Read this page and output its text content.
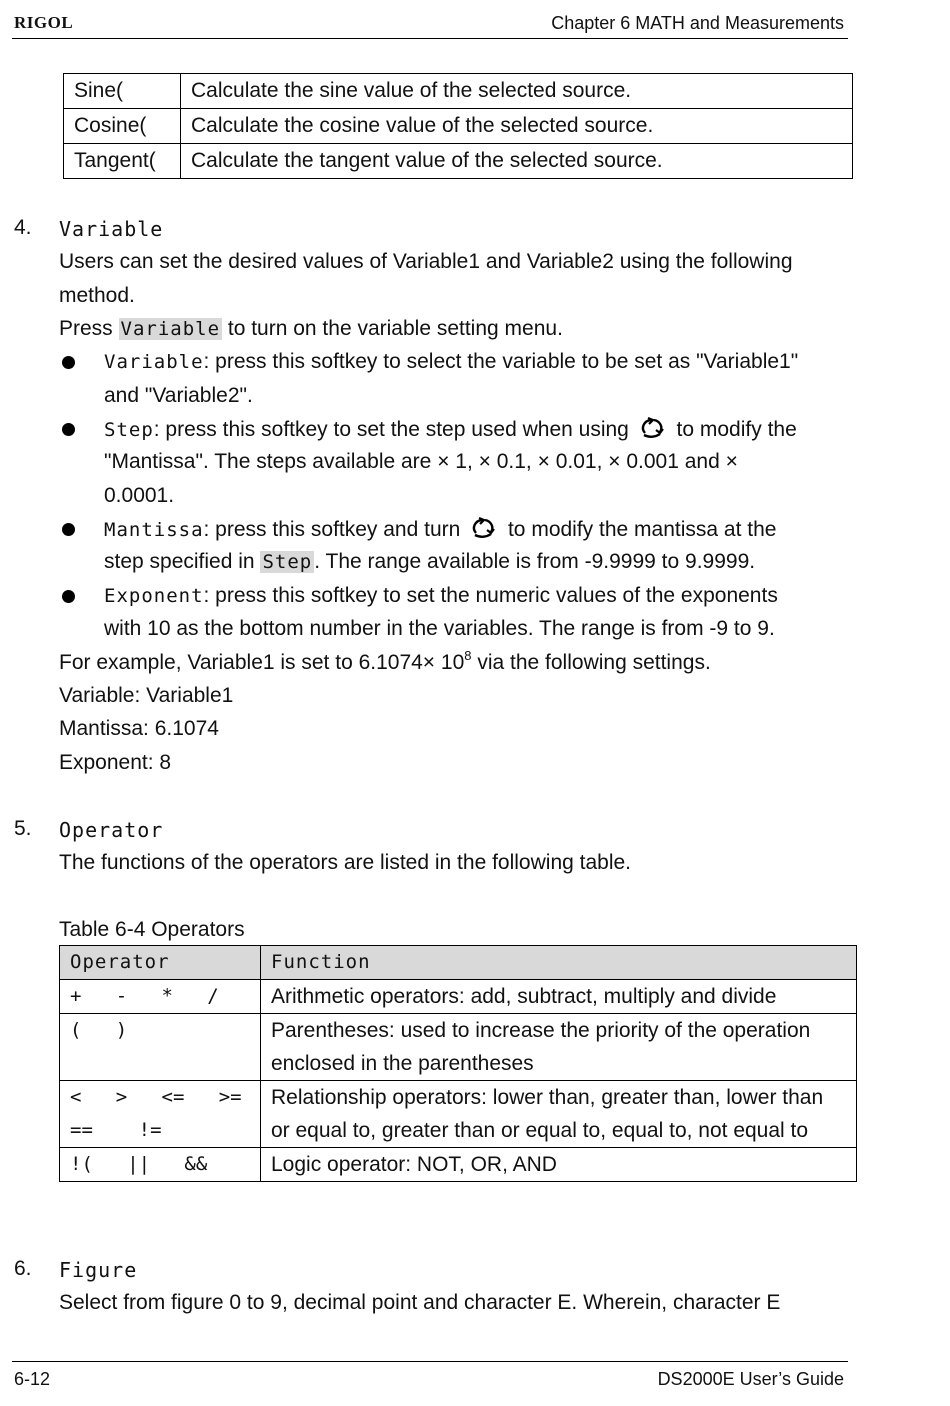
RIGOL	Chapter 6 MATH and Measurements
Sine(	Calculate the sine value of the selected source.
Cosine(	Calculate the cosine value of the selected source.
Tangent(	Calculate the tangent value of the selected source.
4. Variable
Users can set the desired values of Variable1 and Variable2 using the following
method.
Press Variable to turn on the variable setting menu.
Variable: press this softkey to select the variable to be set as "Variable1"
and "Variable2".
Step: press this softkey to set the step used when using  to modify the
"Mantissa". The steps available are × 1, × 0.1, × 0.01, × 0.001 and ×
0.0001.
Mantissa: press this softkey and turn  to modify the mantissa at the
step specified in Step. The range available is from -9.9999 to 9.9999.
Exponent: press this softkey to set the numeric values of the exponents
with 10 as the bottom number in the variables. The range is from -9 to 9.
For example, Variable1 is set to $6.1074\times 10^8$ via the following settings.
Variable: Variable1
Mantissa: 6.1074
Exponent: 8
5. Operator
The functions of the operators are listed in the following table.
Table 6-4 Operators
Operator	Function
+   -   *   /	Arithmetic operators: add, subtract, multiply and divide
(   )	Parentheses: used to increase the priority of the operation enclosed in the parentheses
<   >   <=   >=
==    !=	Relationship operators: lower than, greater than, lower than or equal to, greater than or equal to, equal to, not equal to
!(   ||   &&	Logic operator: NOT, OR, AND
6. Figure
Select from figure 0 to 9, decimal point and character E. Wherein, character E
6-12	DS2000E User’s Guide
